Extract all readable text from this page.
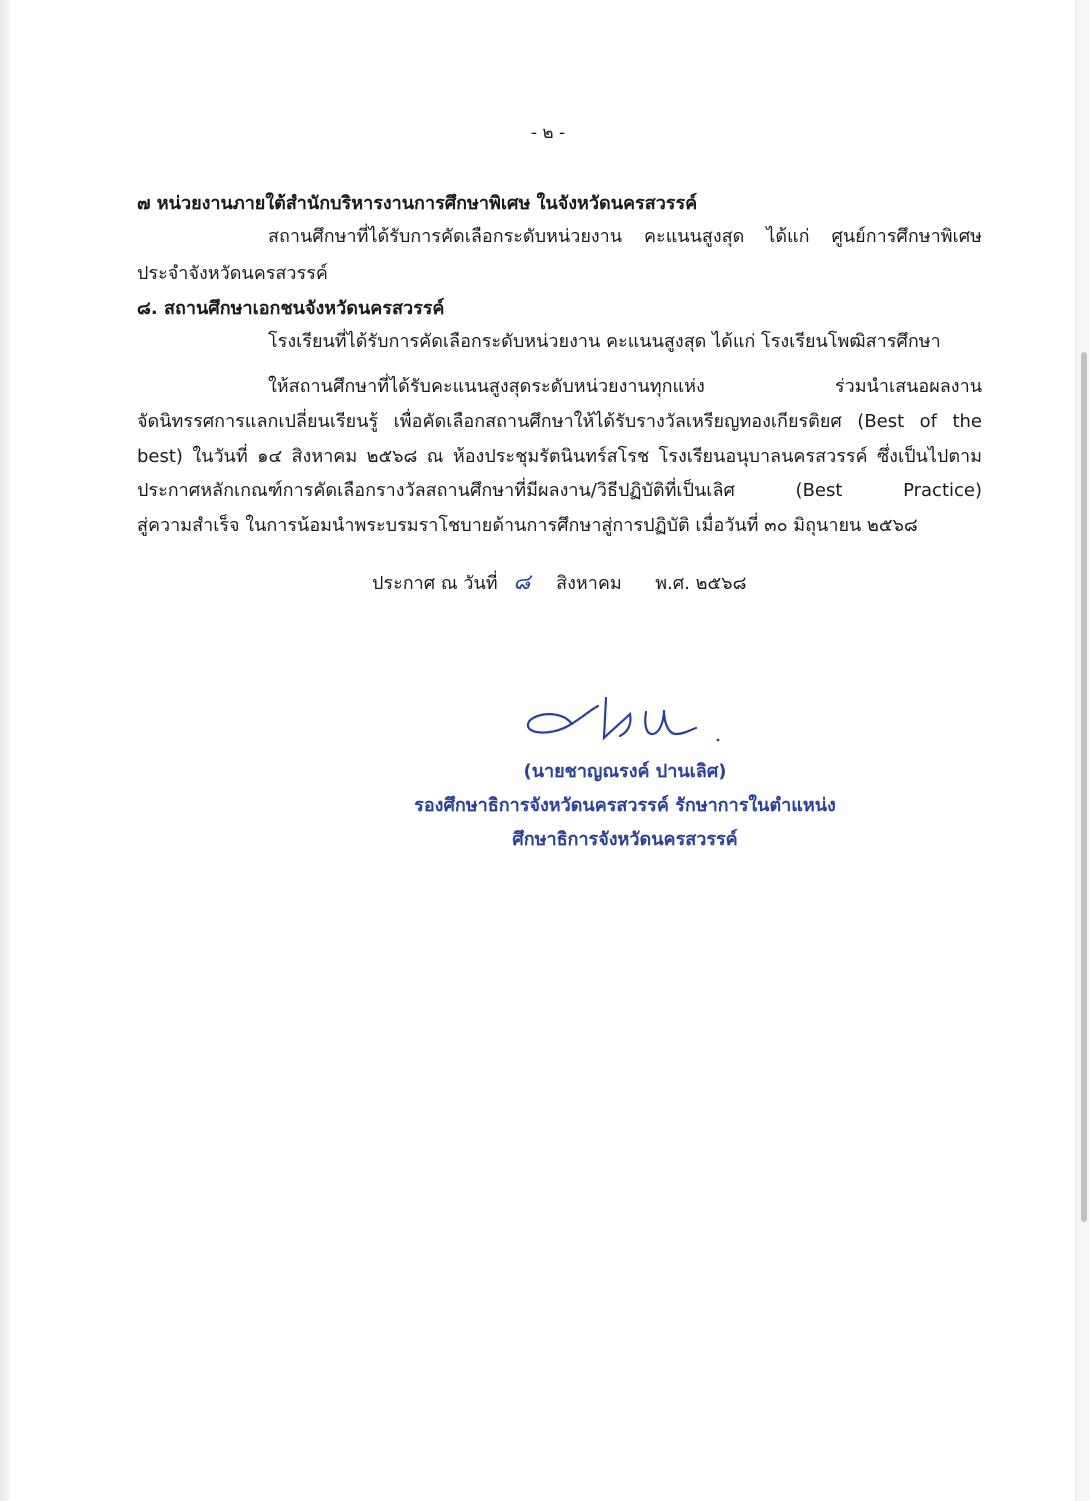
- ๒ -

๗ หน่วยงานภายใต้สำนักบริหารงานการศึกษาพิเศษ ในจังหวัดนครสวรรค์

สถานศึกษาที่ได้รับการคัดเลือกระดับหน่วยงาน คะแนนสูงสุด ได้แก่ ศูนย์การศึกษาพิเศษ

ประจำจังหวัดนครสวรรค์

๘. สถานศึกษาเอกชนจังหวัดนครสวรรค์

โรงเรียนที่ได้รับการคัดเลือกระดับหน่วยงาน คะแนนสูงสุด ได้แก่ โรงเรียนโพฒิสารศึกษา

ให้สถานศึกษาที่ได้รับคะแนนสูงสุดระดับหน่วยงานทุกแห่ง ร่วมนำเสนอผลงาน

จัดนิทรรศการแลกเปลี่ยนเรียนรู้ เพื่อคัดเลือกสถานศึกษาให้ได้รับรางวัลเหรียญทองเกียรติยศ (Best of the

best) ในวันที่ ๑๔ สิงหาคม ๒๕๖๘ ณ ห้องประชุมรัตนินทร์สโรช โรงเรียนอนุบาลนครสวรรค์ ซึ่งเป็นไปตาม

ประกาศหลักเกณฑ์การคัดเลือกรางวัลสถานศึกษาที่มีผลงาน/วิธีปฏิบัติที่เป็นเลิศ (Best Practice)

สู่ความสำเร็จ ในการน้อมนำพระบรมราโชบายด้านการศึกษาสู่การปฏิบัติ เมื่อวันที่ ๓๐ มิถุนายน ๒๕๖๘

ประกาศ ณ วันที่ ๘ สิงหาคม พ.ศ. ๒๕๖๘

(นายชาญณรงค์ ปานเลิศ)

รองศึกษาธิการจังหวัดนครสวรรค์ รักษาการในตำแหน่ง

ศึกษาธิการจังหวัดนครสวรรค์
